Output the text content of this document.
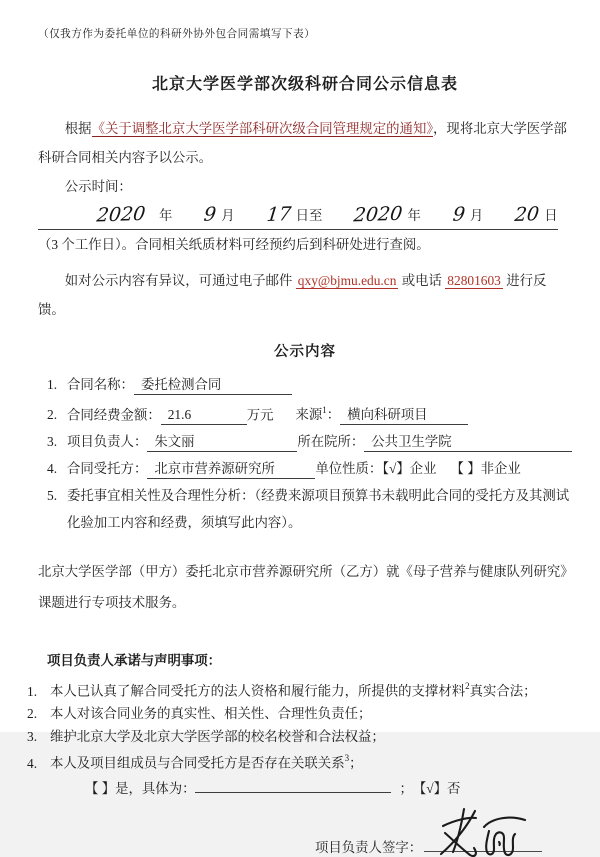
（仅我方作为委托单位的科研外协外包合同需填写下表）
北京大学医学部次级科研合同公示信息表

根据《关于调整北京大学医学部科研次级合同管理规定的通知》，现将北京大学医学部科研合同相关内容予以公示。

公示时间：2020 年 9 月 17 日至 2020 年 9 月 20 日（3 个工作日）。合同相关纸质材料可经预约后到科研处进行查阅。

如对公示内容有异议，可通过电子邮件 qxy@bjmu.edu.cn 或电话 82801603 进行反馈。

公示内容
1. 合同名称： 委托检测合同
2. 合同经费金额： 21.6	万元 来源$^1$： 横向科研项目
3. 项目负责人： 朱文丽	所在院所： 公共卫生学院
4. 合同受托方： 北京市营养源研究所	单位性质：【√】企业 【 】非企业
5. 委托事宜相关性及合理性分析：（经费来源项目预算书未载明此合同的受托方及其测试化验加工内容和经费，须填写此内容）。

北京大学医学部（甲方）委托北京市营养源研究所（乙方）就《母子营养与健康队列研究》课题进行专项技术服务。

项目负责人承诺与声明事项：
1. 本人已认真了解合同受托方的法人资格和履行能力，所提供的支撑材料$^2$真实合法；
2. 本人对该合同业务的真实性、相关性、合理性负责任；
3. 维护北京大学及北京大学医学部的校名校誉和合法权益；
4. 本人及项目组成员与合同受托方是否存在关联关系$^3$；
【 】是，具体为：	； 【√】否
项目负责人签字：
